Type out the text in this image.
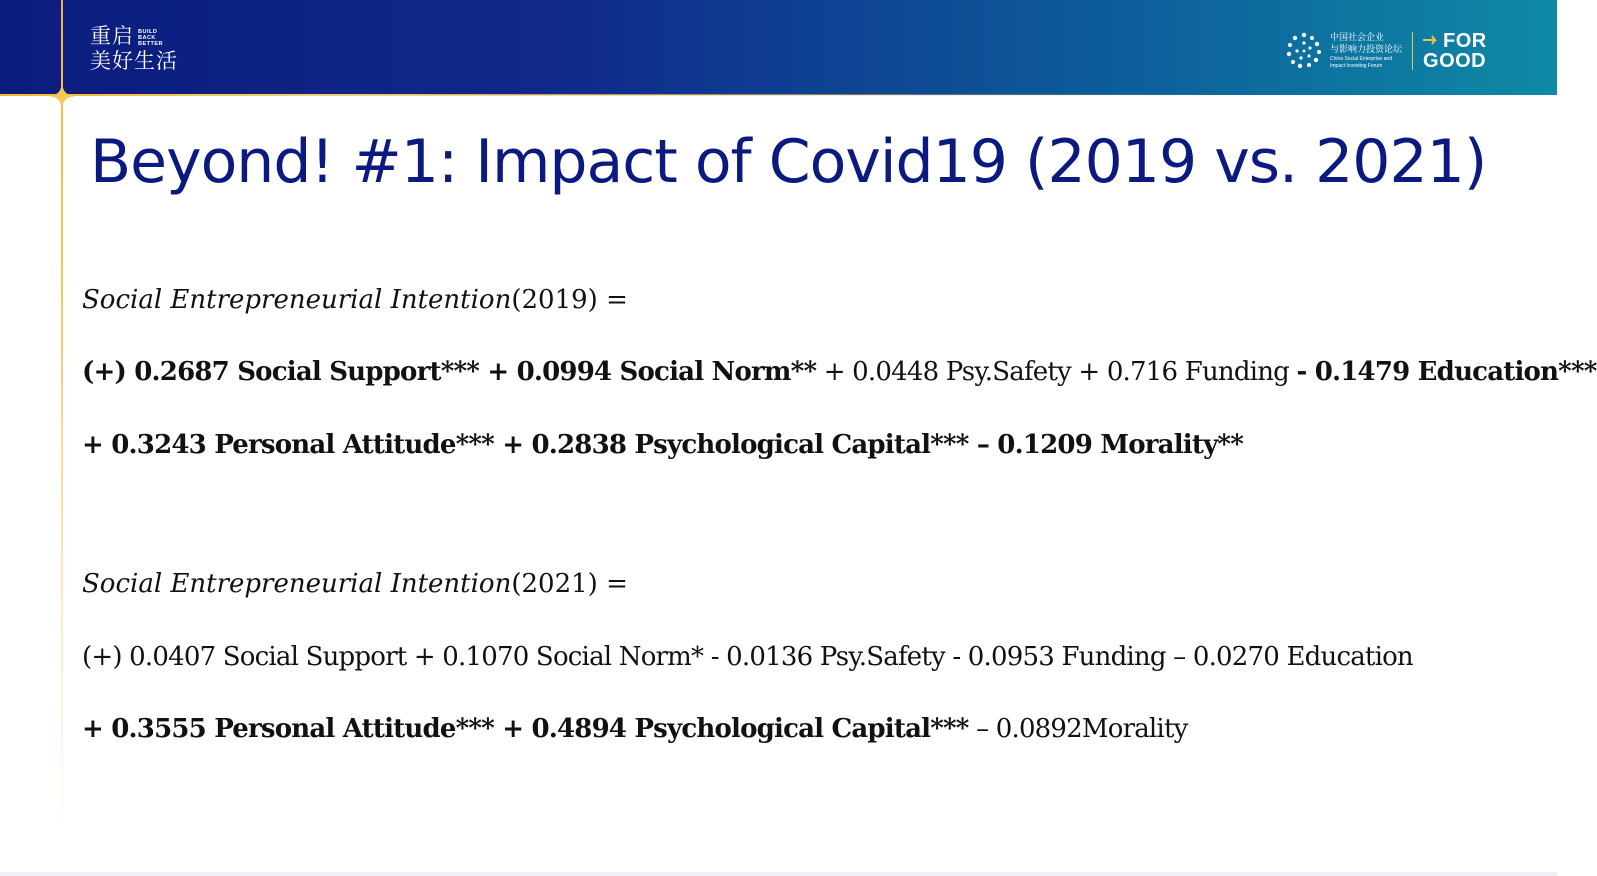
重启 BUILD
BACK
BETTER
美好生活
中国社会企业
与影响力投资论坛
China Social Enterprise and
Impact Investing Forum
FOR
GOOD
Beyond! #1: Impact of Covid19 (2019 vs. 2021)
Social Entrepreneurial Intention(2019) =
(+) 0.2687 Social Support*** + 0.0994 Social Norm** + 0.0448 Psy.Safety + 0.716 Funding - 0.1479 Education***
+ 0.3243 Personal Attitude*** + 0.2838 Psychological Capital*** – 0.1209 Morality**
Social Entrepreneurial Intention(2021) =
(+) 0.0407 Social Support + 0.1070 Social Norm* - 0.0136 Psy.Safety - 0.0953 Funding – 0.0270 Education
+ 0.3555 Personal Attitude*** + 0.4894 Psychological Capital*** – 0.0892Morality
